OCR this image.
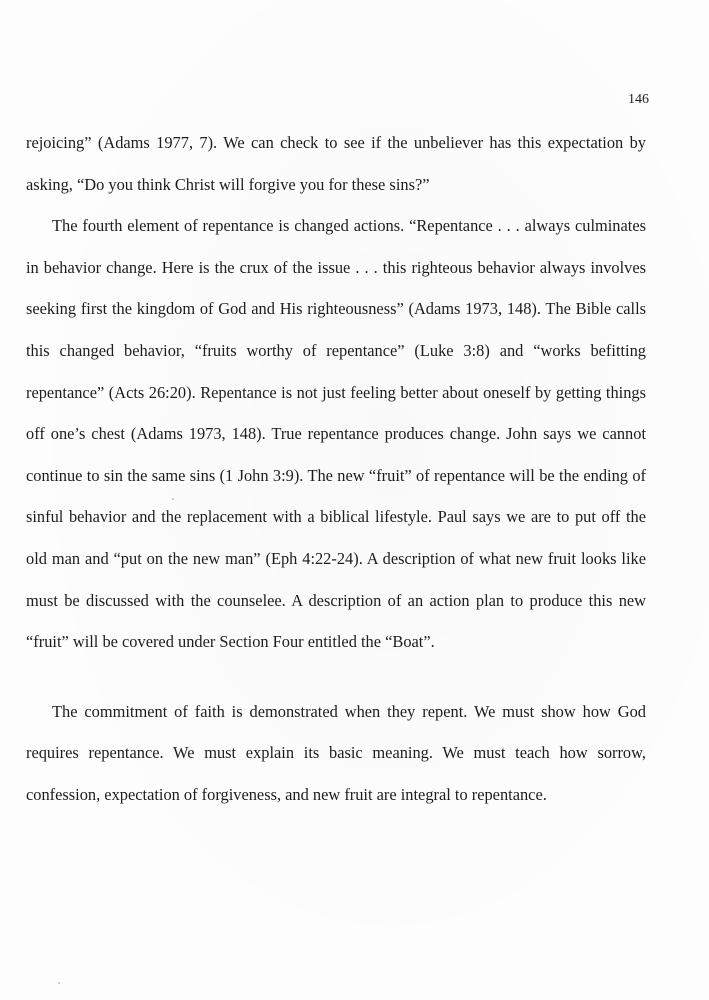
146

rejoicing” (Adams 1977, 7). We can check to see if the unbeliever has this expectation by asking, “Do you think Christ will forgive you for these sins?”

The fourth element of repentance is changed actions. “Repentance . . . always culminates in behavior change. Here is the crux of the issue . . . this righteous behavior always involves seeking first the kingdom of God and His righteousness” (Adams 1973, 148). The Bible calls this changed behavior, “fruits worthy of repentance” (Luke 3:8) and “works befitting repentance” (Acts 26:20). Repentance is not just feeling better about oneself by getting things off one’s chest (Adams 1973, 148). True repentance produces change. John says we cannot continue to sin the same sins (1 John 3:9). The new “fruit” of repentance will be the ending of sinful behavior and the replacement with a biblical lifestyle. Paul says we are to put off the old man and “put on the new man” (Eph 4:22-24). A description of what new fruit looks like must be discussed with the counselee. A description of an action plan to produce this new “fruit” will be covered under Section Four entitled the “Boat”.

The commitment of faith is demonstrated when they repent. We must show how God requires repentance. We must explain its basic meaning. We must teach how sorrow, confession, expectation of forgiveness, and new fruit are integral to repentance.
